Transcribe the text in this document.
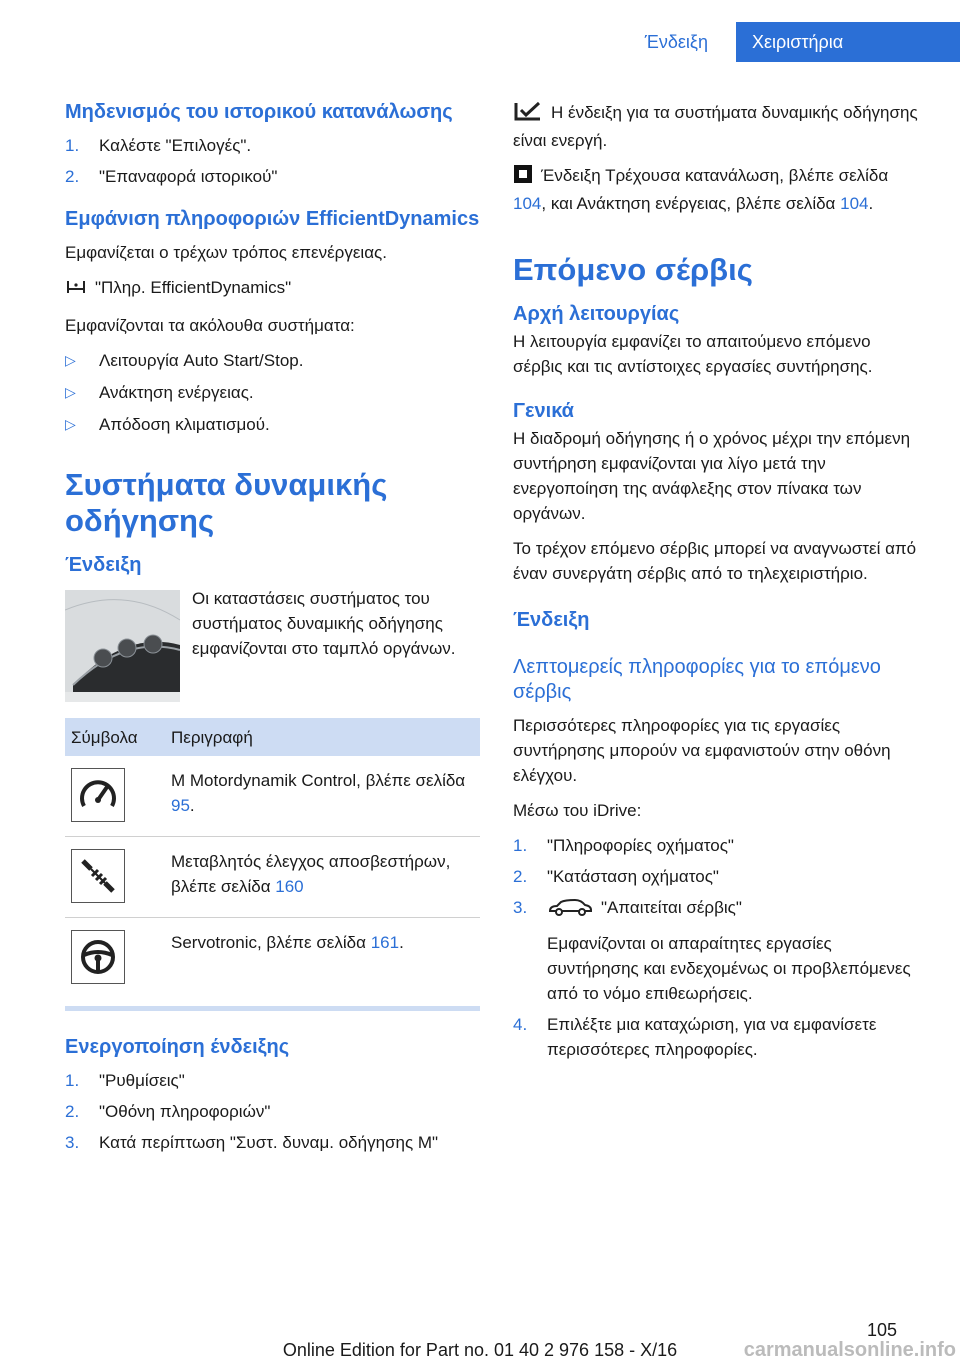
Ένδειξη	Χειριστήρια
Μηδενισμός του ιστορικού κατανάλωσης
1. Καλέστε "Επιλογές".
2. "Επαναφορά ιστορικού"
Εμφάνιση πληροφοριών EfficientDynamics

Εμφανίζεται ο τρέχων τρόπος επενέργειας.

"Πληρ. EfficientDynamics"

Εμφανίζονται τα ακόλουθα συστήματα:

▷ Λειτουργία Auto Start/Stop.
▷ Ανάκτηση ενέργειας.
▷ Απόδοση κλιματισμού.
Συστήματα δυναμικής οδήγησης
Ένδειξη

Οι καταστάσεις συστήματος του συστήματος δυναμικής οδήγησης εμφανίζονται στο ταμπλό οργάνων.

Σύμβολα	Περιγραφή

	M Motordynamik Control, βλέπε σελίδα 95.

	Μεταβλητός έλεγχος αποσβεστήρων, βλέπε σελίδα 160

	Servotronic, βλέπε σελίδα 161.
Ενεργοποίηση ένδειξης
1. "Ρυθμίσεις"
2. "Οθόνη πληροφοριών"
3. Κατά περίπτωση "Συστ. δυναμ. οδήγησης M"

Η ένδειξη για τα συστήματα δυναμικής οδήγησης είναι ενεργή.

Ένδειξη Τρέχουσα κατανάλωση, βλέπε σελίδα 104, και Ανάκτηση ενέργειας, βλέπε σελίδα 104.

Επόμενο σέρβις
Αρχή λειτουργίας

Η λειτουργία εμφανίζει το απαιτούμενο επόμενο σέρβις και τις αντίστοιχες εργασίες συντήρησης.

Γενικά

Η διαδρομή οδήγησης ή ο χρόνος μέχρι την επόμενη συντήρηση εμφανίζονται για λίγο μετά την ενεργοποίηση της ανάφλεξης στον πίνακα των οργάνων.

Το τρέχον επόμενο σέρβις μπορεί να αναγνωστεί από έναν συνεργάτη σέρβις από το τηλεχειριστήριο.

Ένδειξη
Λεπτομερείς πληροφορίες για το επόμενο σέρβις

Περισσότερες πληροφορίες για τις εργασίες συντήρησης μπορούν να εμφανιστούν στην οθόνη ελέγχου.

Μέσω του iDrive:

1. "Πληροφορίες οχήματος"
2. "Κατάσταση οχήματος"
3.	"Απαιτείται σέρβις"
Εμφανίζονται οι απαραίτητες εργασίες συντήρησης και ενδεχομένως οι προβλεπόμενες από το νόμο επιθεωρήσεις.
4. Επιλέξτε μια καταχώριση, για να εμφανίσετε περισσότερες πληροφορίες.
105
Online Edition for Part no. 01 40 2 976 158 - X/16	carmanualsonline.info
